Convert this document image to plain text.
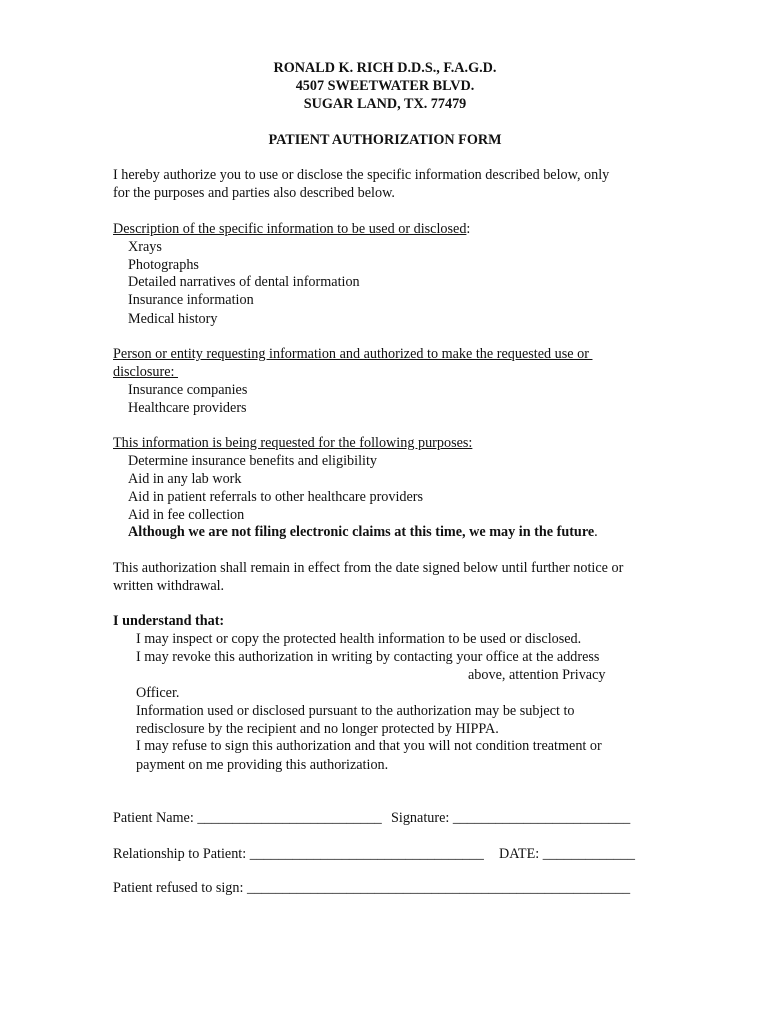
RONALD K. RICH D.D.S., F.A.G.D.
4507 SWEETWATER BLVD.
SUGAR LAND, TX. 77479
PATIENT AUTHORIZATION FORM
I hereby authorize you to use or disclose the specific information described below, only
for the purposes and parties also described below.
Description of the specific information to be used or disclosed:
Xrays
Photographs
Detailed narratives of dental information
Insurance information
Medical history
Person or entity requesting information and authorized to make the requested use or
disclosure:
Insurance companies
Healthcare providers
This information is being requested for the following purposes:
Determine insurance benefits and eligibility
Aid in any lab work
Aid in patient referrals to other healthcare providers
Aid in fee collection
Although we are not filing electronic claims at this time, we may in the future.
This authorization shall remain in effect from the date signed below until further notice or
written withdrawal.
I understand that:
I may inspect or copy the protected health information to be used or disclosed.
I may revoke this authorization in writing by contacting your office at the address
above, attention Privacy
Officer.
Information used or disclosed pursuant to the authorization may be subject to
redisclosure by the recipient and no longer protected by HIPPA.
I may refuse to sign this authorization and that you will not condition treatment or
payment on me providing this authorization.
Patient Name: __________________________ Signature: _________________________
Relationship to Patient: _________________________________ DATE: _____________
Patient refused to sign: ______________________________________________________
